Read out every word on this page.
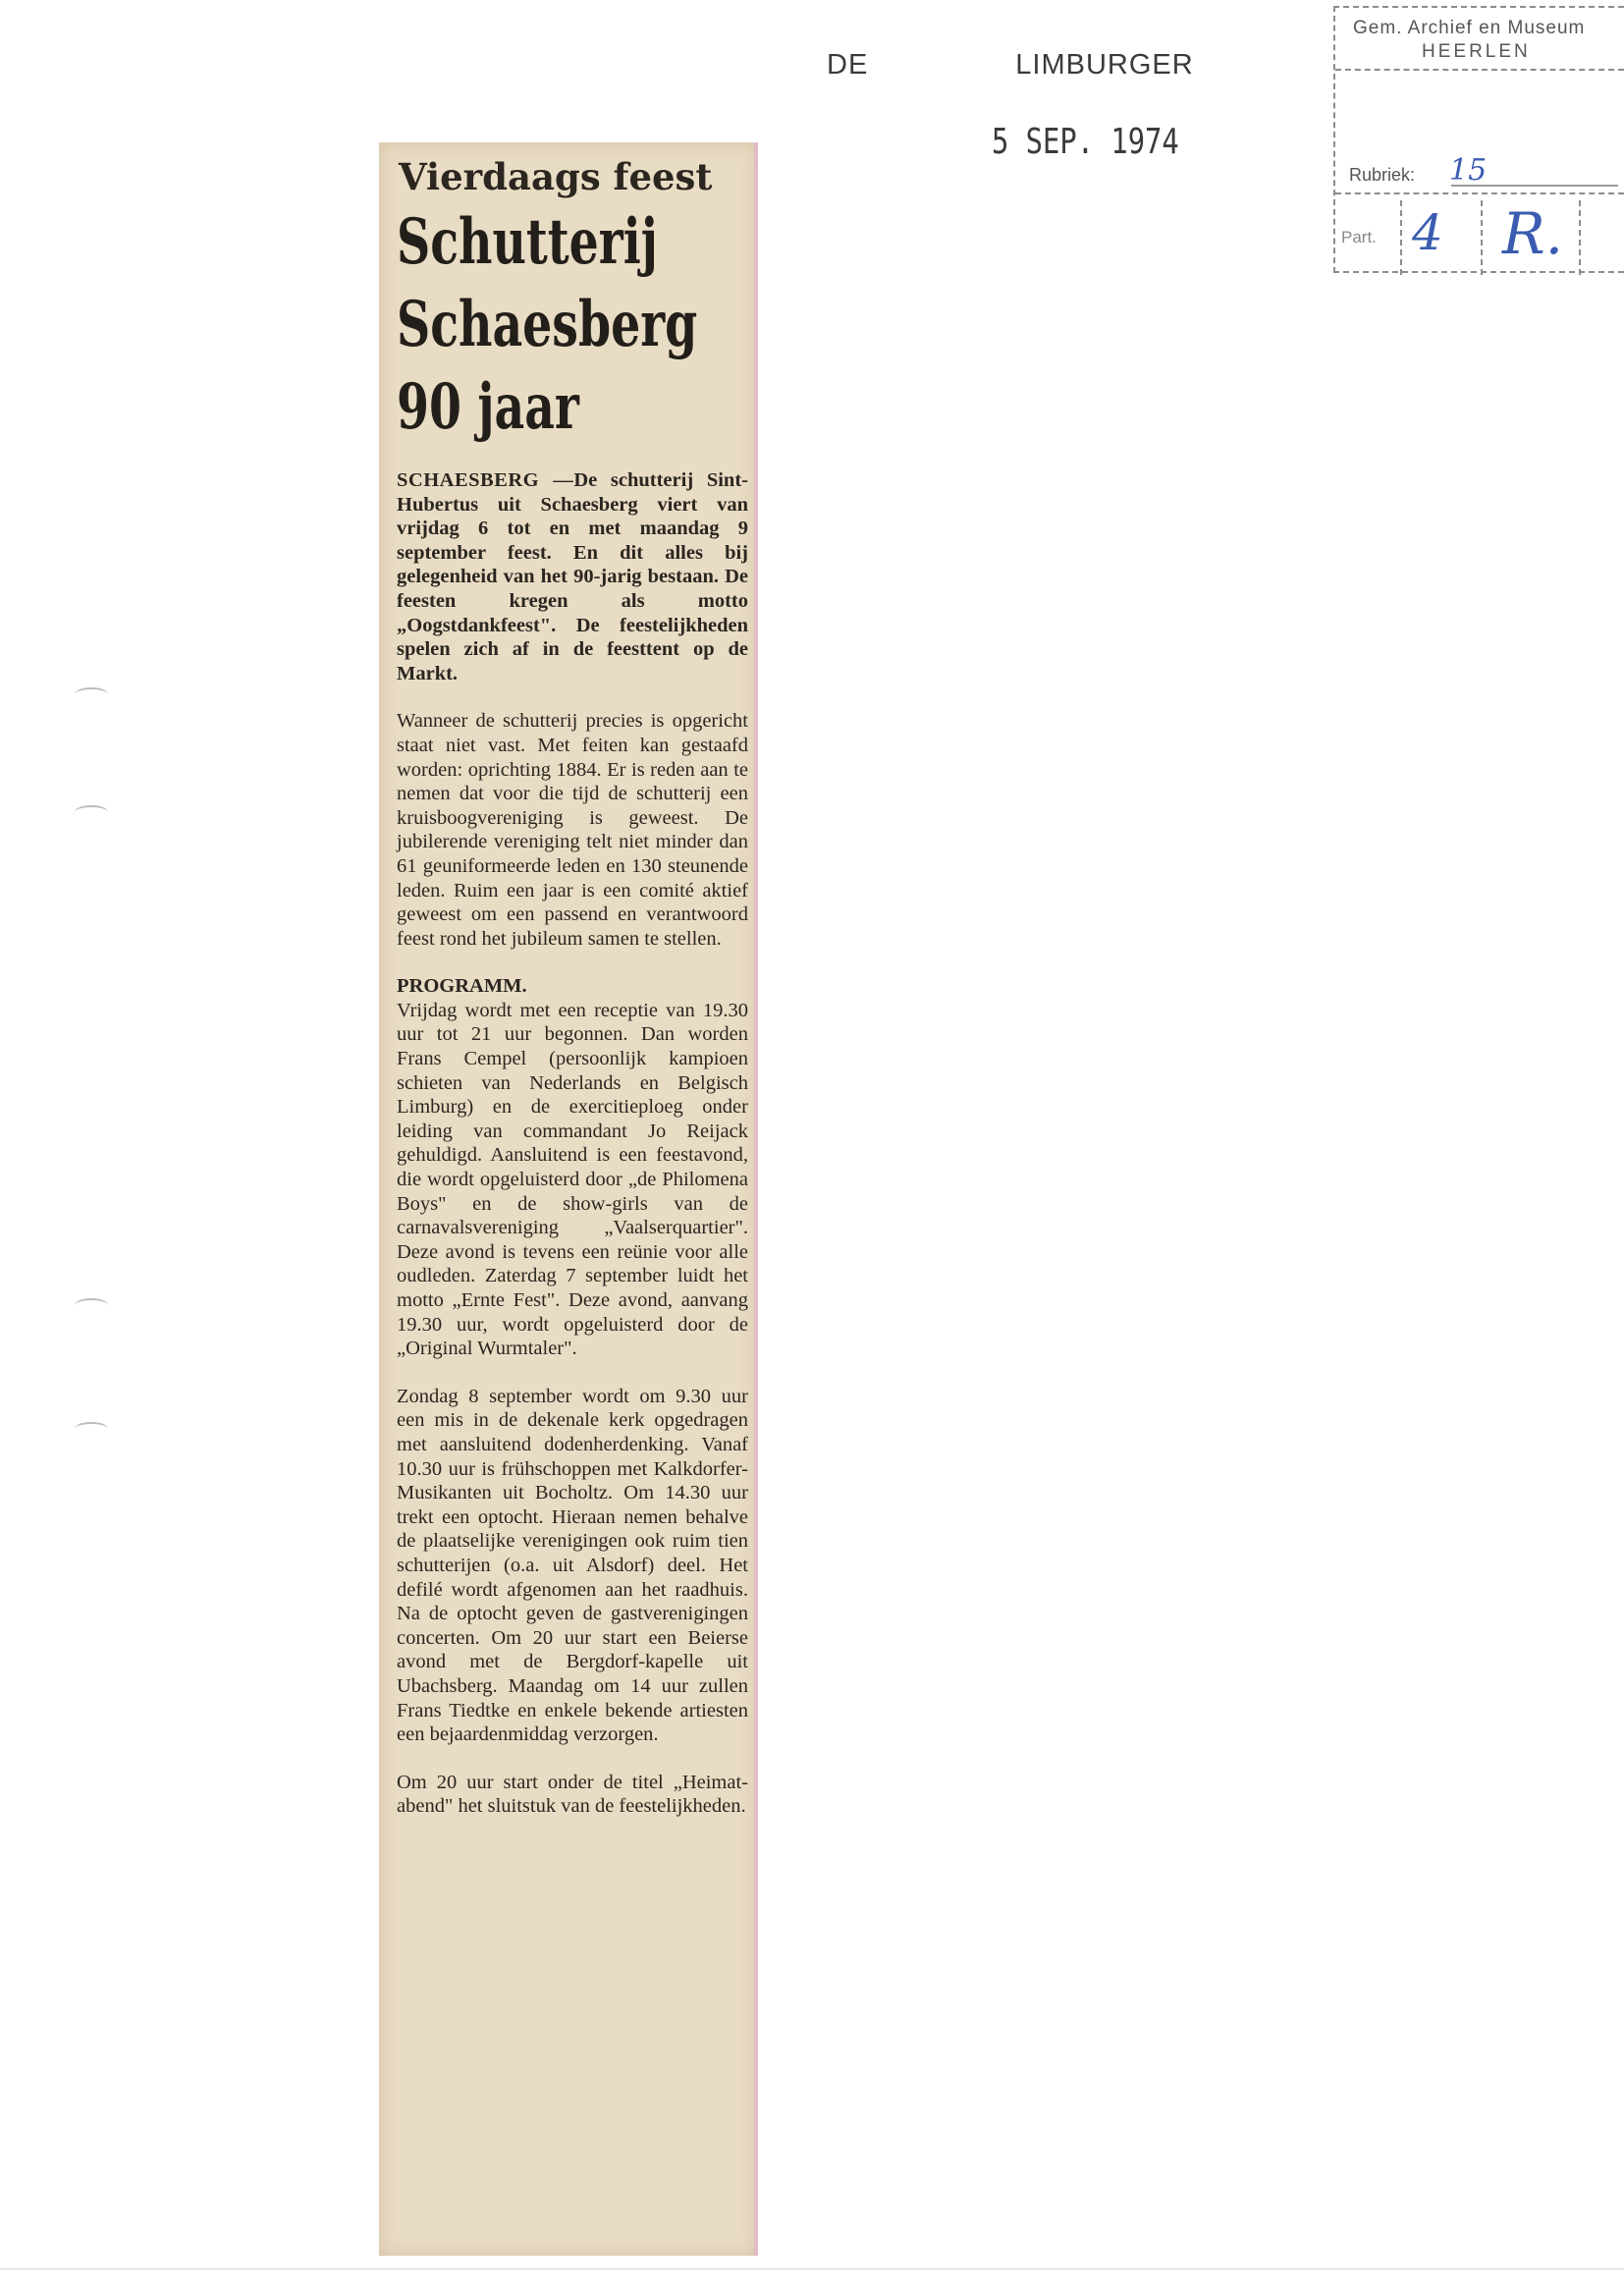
DE	LIMBURGER
5 SEP. 1974
Gem. Archief en Museum
HEERLEN
Rubriek: 15
Part. 4 R.
Vierdaags feest
Schutterij
Schaesberg
90 jaar

SCHAESBERG —De schutterij Sint-Hubertus uit Schaesberg viert van vrijdag 6 tot en met maandag 9 september feest. En dit alles bij gelegenheid van het 90-jarig bestaan. De feesten kregen als motto „Oogstdankfeest". De feestelijkheden spelen zich af in de feesttent op de Markt.

Wanneer de schutterij precies is opgericht staat niet vast. Met feiten kan gestaafd worden: oprichting 1884. Er is reden aan te nemen dat voor die tijd de schutterij een kruisboogvereniging is geweest. De jubilerende vereniging telt niet minder dan 61 geuniformeerde leden en 130 steunende leden. Ruim een jaar is een comité aktief geweest om een passend en verantwoord feest rond het jubileum samen te stellen.

PROGRAMM.

Vrijdag wordt met een receptie van 19.30 uur tot 21 uur begonnen. Dan worden Frans Cempel (persoonlijk kampioen schieten van Nederlands en Belgisch Limburg) en de exercitieploeg onder leiding van commandant Jo Reijack gehuldigd. Aansluitend is een feestavond, die wordt opgeluisterd door „de Philomena Boys" en de show-girls van de carnavalsvereniging „Vaalserquartier". Deze avond is tevens een reünie voor alle oudleden. Zaterdag 7 september luidt het motto „Ernte Fest". Deze avond, aanvang 19.30 uur, wordt opgeluisterd door de „Original Wurmtaler".

Zondag 8 september wordt om 9.30 uur een mis in de dekenale kerk opgedragen met aansluitend dodenherdenking. Vanaf 10.30 uur is frühschoppen met Kalkdorfer-Musikanten uit Bocholtz. Om 14.30 uur trekt een optocht. Hieraan nemen behalve de plaatselijke verenigingen ook ruim tien schutterijen (o.a. uit Alsdorf) deel. Het defilé wordt afgenomen aan het raadhuis. Na de optocht geven de gastverenigingen concerten. Om 20 uur start een Beierse avond met de Bergdorf-kapelle uit Ubachsberg. Maandag om 14 uur zullen Frans Tiedtke en enkele bekende artiesten een bejaardenmiddag verzorgen.

Om 20 uur start onder de titel „Heimat-abend" het sluitstuk van de feestelijkheden.
